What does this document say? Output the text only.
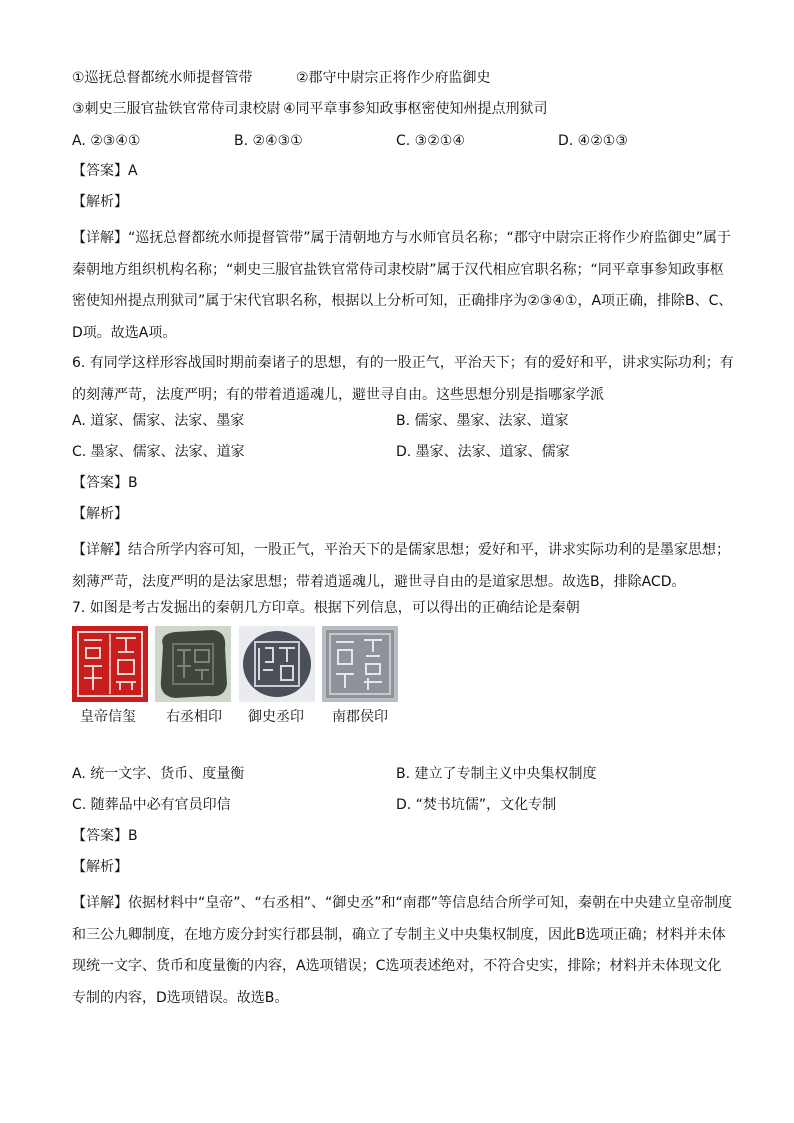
①巡抚总督都统水师提督管带	②郡守中尉宗正将作少府监御史
③刺史三服官盐铁官常侍司隶校尉 ④同平章事参知政事枢密使知州提点刑狱司
A. ②③④①	B. ②④③①	C. ③②①④	D. ④②①③
【答案】A
【解析】
【详解】“巡抚总督都统水师提督管带”属于清朝地方与水师官员名称；“郡守中尉宗正将作少府监御史”属于秦朝地方组织机构名称；“刺史三服官盐铁官常侍司隶校尉”属于汉代相应官职名称；“同平章事参知政事枢密使知州提点刑狱司”属于宋代官职名称，根据以上分析可知，正确排序为②③④①，A项正确，排除B、C、D项。故选A项。
6. 有同学这样形容战国时期前秦诸子的思想，有的一股正气，平治天下；有的爱好和平，讲求实际功利；有的刻薄严苛，法度严明；有的带着逍遥魂儿，避世寻自由。这些思想分别是指哪家学派
A. 道家、儒家、法家、墨家	B. 儒家、墨家、法家、道家
C. 墨家、儒家、法家、道家	D. 墨家、法家、道家、儒家
【答案】B
【解析】
【详解】结合所学内容可知，一股正气，平治天下的是儒家思想；爱好和平，讲求实际功利的是墨家思想；刻薄严苛，法度严明的是法家思想；带着逍遥魂儿，避世寻自由的是道家思想。故选B，排除ACD。
7. 如图是考古发掘出的秦朝几方印章。根据下列信息，可以得出的正确结论是秦朝
皇帝信玺 右丞相印 御史丞印 南郡侯印
A. 统一文字、货币、度量衡	B. 建立了专制主义中央集权制度
C. 随葬品中必有官员印信	D. “焚书坑儒”，文化专制
【答案】B
【解析】
【详解】依据材料中“皇帝”、“右丞相”、“御史丞”和“南郡”等信息结合所学可知，秦朝在中央建立皇帝制度和三公九卿制度，在地方废分封实行郡县制，确立了专制主义中央集权制度，因此B选项正确；材料并未体现统一文字、货币和度量衡的内容，A选项错误；C选项表述绝对，不符合史实，排除；材料并未体现文化专制的内容，D选项错误。故选B。
